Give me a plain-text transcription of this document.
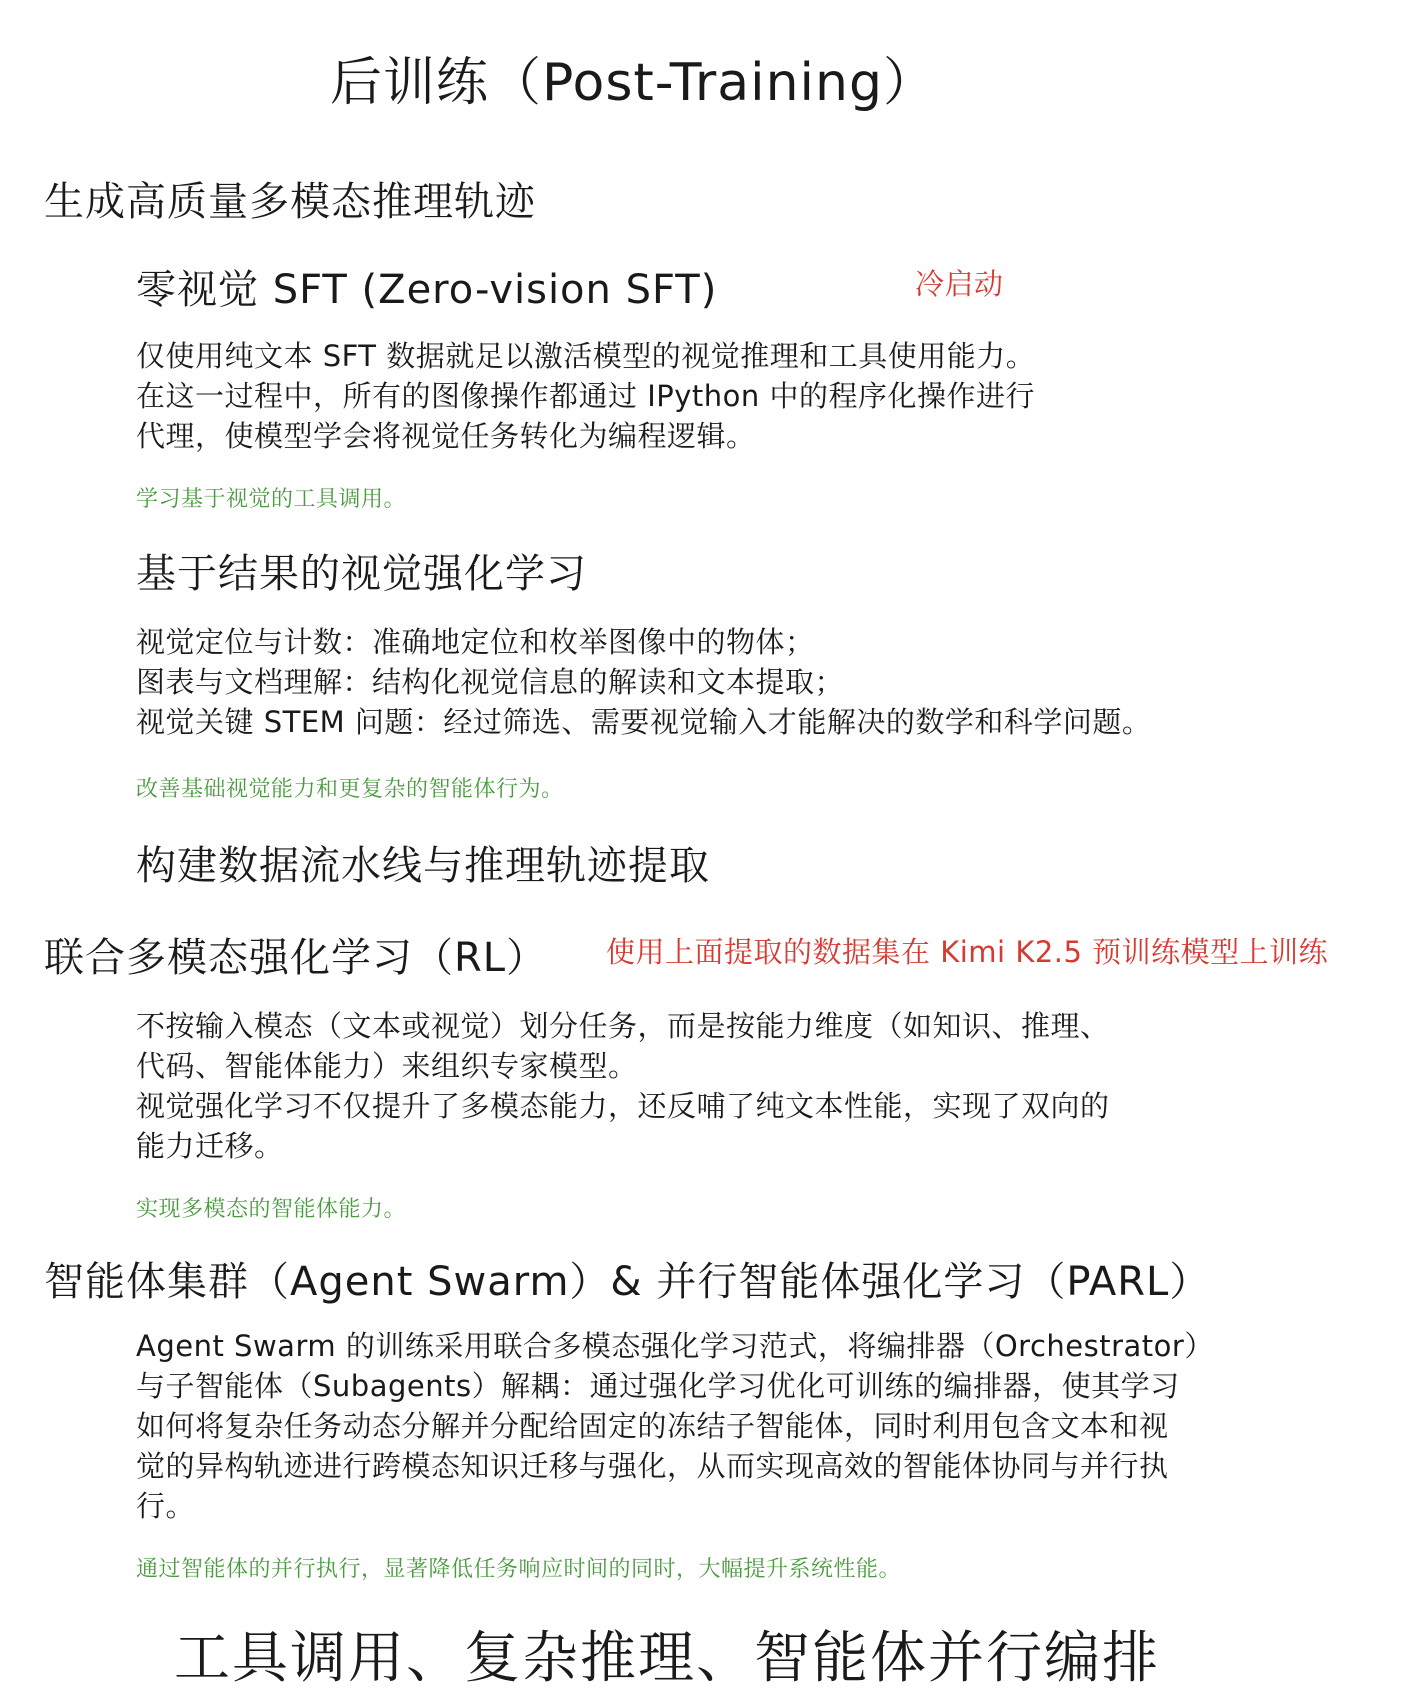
后训练（Post-Training）
生成高质量多模态推理轨迹
零视觉 SFT (Zero-vision SFT)	冷启动
仅使用纯文本 SFT 数据就足以激活模型的视觉推理和工具使用能力。
在这一过程中，所有的图像操作都通过 IPython 中的程序化操作进行
代理，使模型学会将视觉任务转化为编程逻辑。
学习基于视觉的工具调用。
基于结果的视觉强化学习
视觉定位与计数：准确地定位和枚举图像中的物体；
图表与文档理解：结构化视觉信息的解读和文本提取；
视觉关键 STEM 问题：经过筛选、需要视觉输入才能解决的数学和科学问题。
改善基础视觉能力和更复杂的智能体行为。
构建数据流水线与推理轨迹提取
联合多模态强化学习（RL） 使用上面提取的数据集在 Kimi K2.5 预训练模型上训练
不按输入模态（文本或视觉）划分任务，而是按能力维度（如知识、推理、
代码、智能体能力）来组织专家模型。
视觉强化学习不仅提升了多模态能力，还反哺了纯文本性能，实现了双向的
能力迁移。
实现多模态的智能体能力。
智能体集群（Agent Swarm）& 并行智能体强化学习（PARL）
Agent Swarm 的训练采用联合多模态强化学习范式，将编排器（Orchestrator）
与子智能体（Subagents）解耦：通过强化学习优化可训练的编排器，使其学习
如何将复杂任务动态分解并分配给固定的冻结子智能体，同时利用包含文本和视
觉的异构轨迹进行跨模态知识迁移与强化，从而实现高效的智能体协同与并行执
行。
通过智能体的并行执行，显著降低任务响应时间的同时，大幅提升系统性能。
工具调用、复杂推理、智能体并行编排
